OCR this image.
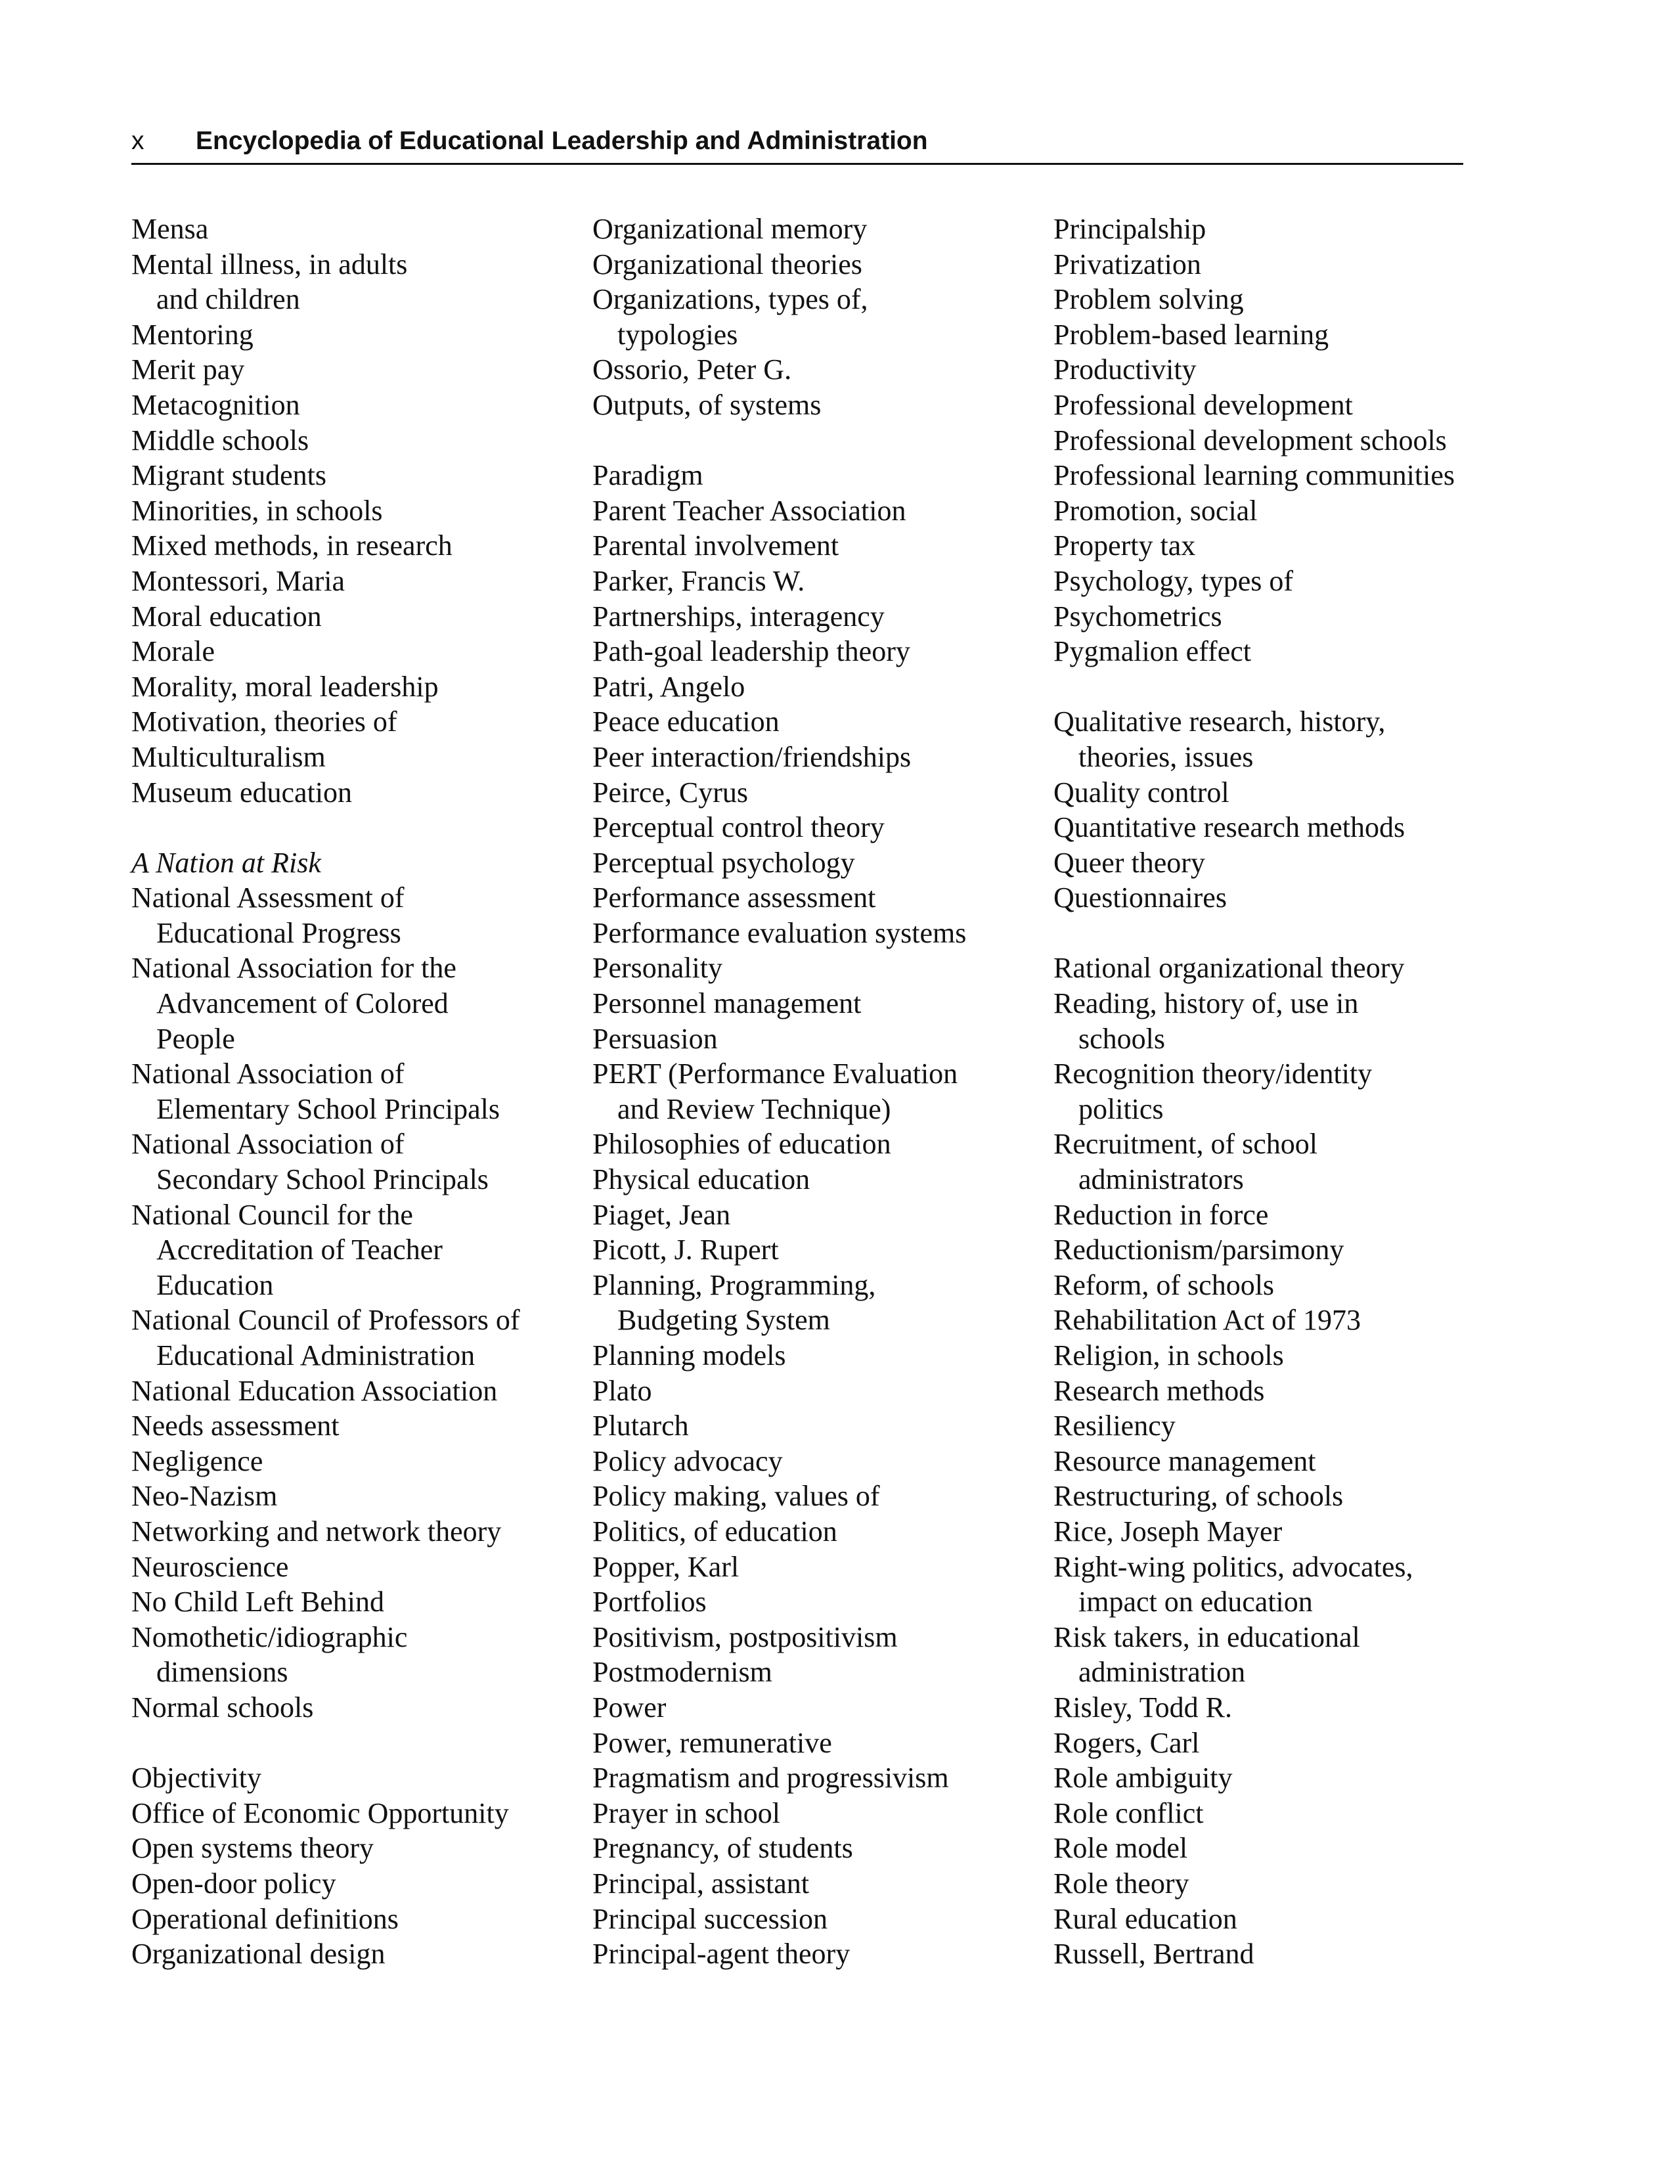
x Encyclopedia of Educational Leadership and Administration
Mensa
Mental illness, in adults
and children
Mentoring
Merit pay
Metacognition
Middle schools
Migrant students
Minorities, in schools
Mixed methods, in research
Montessori, Maria
Moral education
Morale
Morality, moral leadership
Motivation, theories of
Multiculturalism
Museum education
A Nation at Risk
National Assessment of
Educational Progress
National Association for the
Advancement of Colored
People
National Association of
Elementary School Principals
National Association of
Secondary School Principals
National Council for the
Accreditation of Teacher
Education
National Council of Professors of
Educational Administration
National Education Association
Needs assessment
Negligence
Neo-Nazism
Networking and network theory
Neuroscience
No Child Left Behind
Nomothetic/idiographic
dimensions
Normal schools
Objectivity
Office of Economic Opportunity
Open systems theory
Open-door policy
Operational definitions
Organizational design
Organizational memory
Organizational theories
Organizations, types of,
typologies
Ossorio, Peter G.
Outputs, of systems
Paradigm
Parent Teacher Association
Parental involvement
Parker, Francis W.
Partnerships, interagency
Path-goal leadership theory
Patri, Angelo
Peace education
Peer interaction/friendships
Peirce, Cyrus
Perceptual control theory
Perceptual psychology
Performance assessment
Performance evaluation systems
Personality
Personnel management
Persuasion
PERT (Performance Evaluation
and Review Technique)
Philosophies of education
Physical education
Piaget, Jean
Picott, J. Rupert
Planning, Programming,
Budgeting System
Planning models
Plato
Plutarch
Policy advocacy
Policy making, values of
Politics, of education
Popper, Karl
Portfolios
Positivism, postpositivism
Postmodernism
Power
Power, remunerative
Pragmatism and progressivism
Prayer in school
Pregnancy, of students
Principal, assistant
Principal succession
Principal-agent theory
Principalship
Privatization
Problem solving
Problem-based learning
Productivity
Professional development
Professional development schools
Professional learning communities
Promotion, social
Property tax
Psychology, types of
Psychometrics
Pygmalion effect
Qualitative research, history,
theories, issues
Quality control
Quantitative research methods
Queer theory
Questionnaires
Rational organizational theory
Reading, history of, use in
schools
Recognition theory/identity
politics
Recruitment, of school
administrators
Reduction in force
Reductionism/parsimony
Reform, of schools
Rehabilitation Act of 1973
Religion, in schools
Research methods
Resiliency
Resource management
Restructuring, of schools
Rice, Joseph Mayer
Right-wing politics, advocates,
impact on education
Risk takers, in educational
administration
Risley, Todd R.
Rogers, Carl
Role ambiguity
Role conflict
Role model
Role theory
Rural education
Russell, Bertrand
